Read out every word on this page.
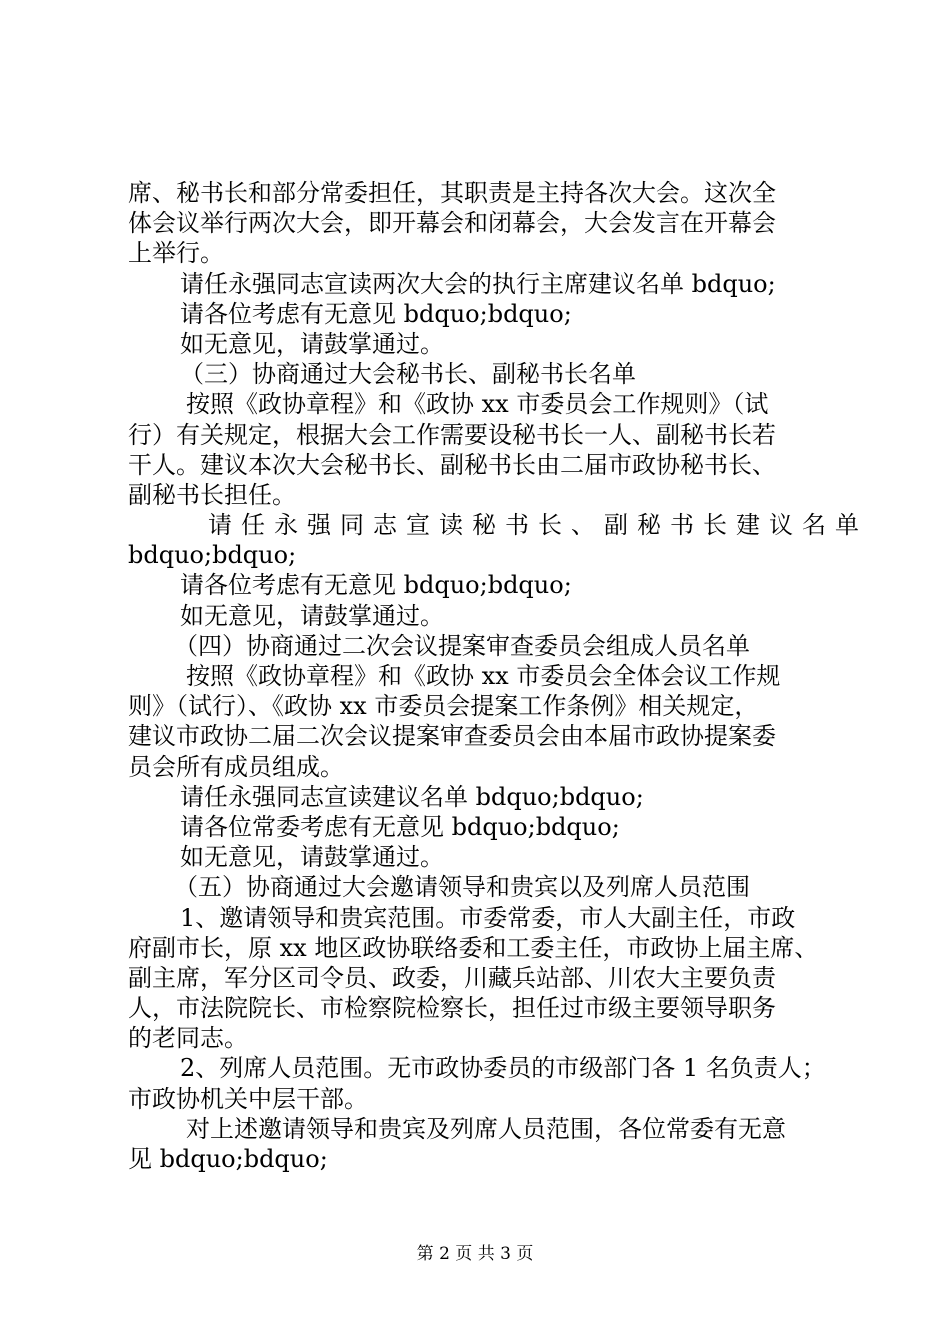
席、秘书长和部分常委担任，其职责是主持各次大会。这次全
体会议举行两次大会，即开幕会和闭幕会，大会发言在开幕会
上举行。
请任永强同志宣读两次大会的执行主席建议名单 bdquo;
请各位考虑有无意见 bdquo;bdquo;
如无意见，请鼓掌通过。
（三）协商通过大会秘书长、副秘书长名单
按照《政协章程》和《政协 xx 市委员会工作规则》（试
行）有关规定，根据大会工作需要设秘书长一人、副秘书长若
干人。建议本次大会秘书长、副秘书长由二届市政协秘书长、
副秘书长担任。
请任永强同志宣读秘书长、副秘书长建议名单
bdquo;bdquo;
请各位考虑有无意见 bdquo;bdquo;
如无意见，请鼓掌通过。
（四）协商通过二次会议提案审查委员会组成人员名单
按照《政协章程》和《政协 xx 市委员会全体会议工作规
则》（试行）、《政协 xx 市委员会提案工作条例》相关规定，
建议市政协二届二次会议提案审查委员会由本届市政协提案委
员会所有成员组成。
请任永强同志宣读建议名单 bdquo;bdquo;
请各位常委考虑有无意见 bdquo;bdquo;
如无意见，请鼓掌通过。
（五）协商通过大会邀请领导和贵宾以及列席人员范围
1、邀请领导和贵宾范围。市委常委，市人大副主任，市政
府副市长，原 xx 地区政协联络委和工委主任，市政协上届主席、
副主席，军分区司令员、政委，川藏兵站部、川农大主要负责
人，市法院院长、市检察院检察长，担任过市级主要领导职务
的老同志。
2、列席人员范围。无市政协委员的市级部门各 1 名负责人；
市政协机关中层干部。
对上述邀请领导和贵宾及列席人员范围，各位常委有无意
见 bdquo;bdquo;
第 2 页 共 3 页
